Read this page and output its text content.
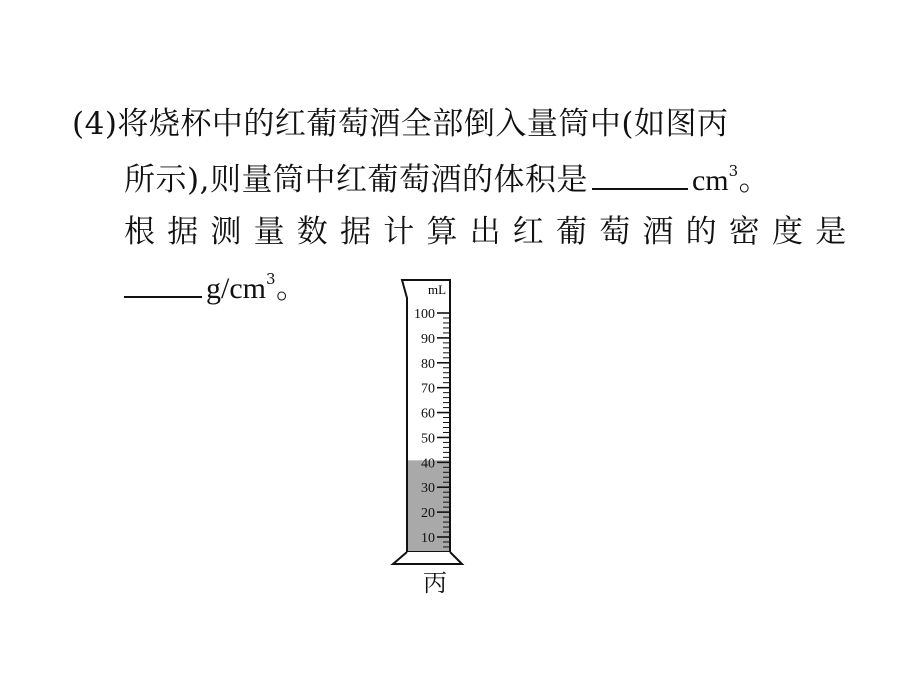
(4)将烧杯中的红葡萄酒全部倒入量筒中(如图丙
所示),则量筒中红葡萄酒的体积是	$cm^3$。
根据测量数据计算出红葡萄酒的密度是
$g/cm^3$。
100
90
80
70
60
50
40
30
20
10
mL
丙
